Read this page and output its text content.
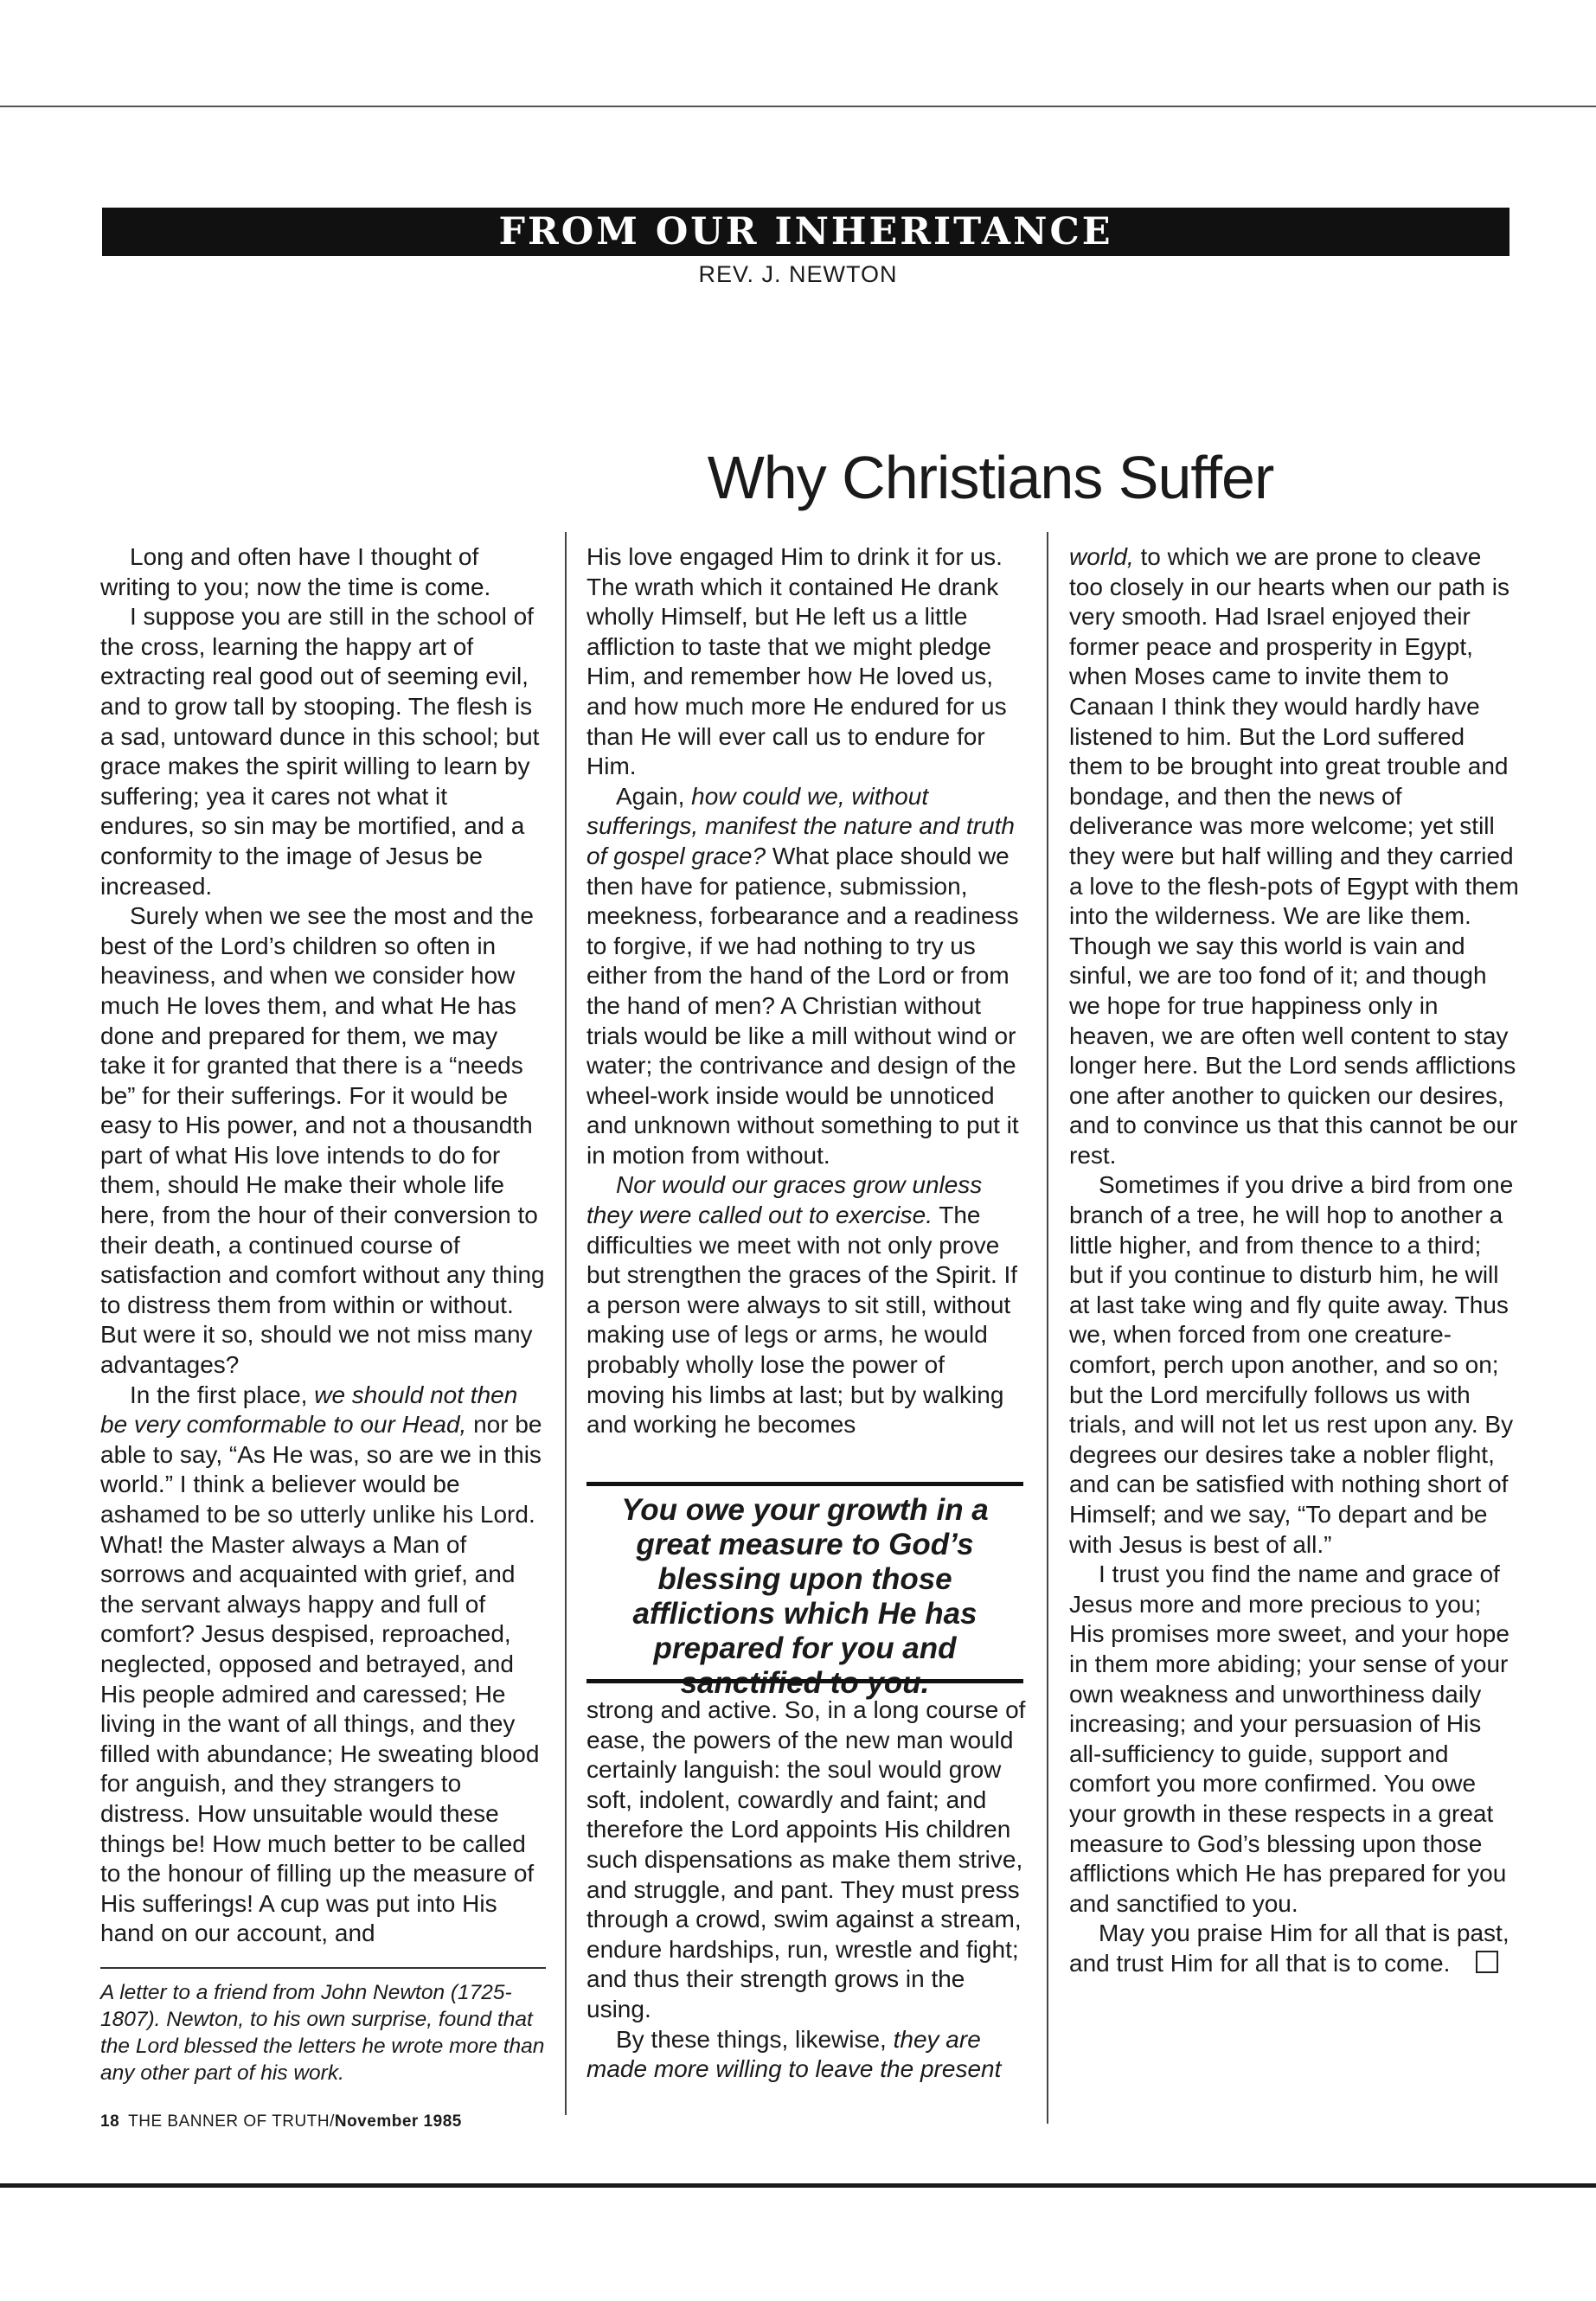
FROM OUR INHERITANCE
REV. J. NEWTON
Why Christians Suffer

Long and often have I thought of writing to you; now the time is come.

I suppose you are still in the school of the cross, learning the happy art of extracting real good out of seeming evil, and to grow tall by stooping. The flesh is a sad, untoward dunce in this school; but grace makes the spirit willing to learn by suffering; yea it cares not what it endures, so sin may be mortified, and a conformity to the image of Jesus be increased.

Surely when we see the most and the best of the Lord’s children so often in heaviness, and when we consider how much He loves them, and what He has done and prepared for them, we may take it for granted that there is a “needs be” for their sufferings. For it would be easy to His power, and not a thousandth part of what His love intends to do for them, should He make their whole life here, from the hour of their conversion to their death, a continued course of satisfaction and comfort without any thing to distress them from within or without. But were it so, should we not miss many advantages?

In the first place, we should not then be very comformable to our Head, nor be able to say, “As He was, so are we in this world.” I think a believer would be ashamed to be so utterly unlike his Lord. What! the Master always a Man of sorrows and acquainted with grief, and the servant always happy and full of comfort? Jesus despised, reproached, neglected, opposed and betrayed, and His people admired and caressed; He living in the want of all things, and they filled with abundance; He sweating blood for anguish, and they strangers to distress. How unsuitable would these things be! How much better to be called to the honour of filling up the measure of His sufferings! A cup was put into His hand on our account, and

A letter to a friend from John Newton (1725-1807). Newton, to his own surprise, found that the Lord blessed the letters he wrote more than any other part of his work.

His love engaged Him to drink it for us. The wrath which it contained He drank wholly Himself, but He left us a little affliction to taste that we might pledge Him, and remember how He loved us, and how much more He endured for us than He will ever call us to endure for Him.

Again, how could we, without sufferings, manifest the nature and truth of gospel grace? What place should we then have for patience, submission, meekness, forbearance and a readiness to forgive, if we had nothing to try us either from the hand of the Lord or from the hand of men? A Christian without trials would be like a mill without wind or water; the contrivance and design of the wheel-work inside would be unnoticed and unknown without something to put it in motion from without.

Nor would our graces grow unless they were called out to exercise. The difficulties we meet with not only prove but strengthen the graces of the Spirit. If a person were always to sit still, without making use of legs or arms, he would probably wholly lose the power of moving his limbs at last; but by walking and working he becomes

You owe your growth in a great measure to God’s blessing upon those afflictions which He has prepared for you and

strong and active. So, in a long course of ease, the powers of the new man would certainly languish: the soul would grow soft, indolent, cowardly and faint; and therefore the Lord appoints His children such dispensations as make them strive, and struggle, and pant. They must press through a crowd, swim against a stream, endure hardships, run, wrestle and fight; and thus their strength grows in the using.

By these things, likewise, they are made more willing to leave the present

world, to which we are prone to cleave too closely in our hearts when our path is very smooth. Had Israel enjoyed their former peace and prosperity in Egypt, when Moses came to invite them to Canaan I think they would hardly have listened to him. But the Lord suffered them to be brought into great trouble and bondage, and then the news of deliverance was more welcome; yet still they were but half willing and they carried a love to the flesh-pots of Egypt with them into the wilderness. We are like them. Though we say this world is vain and sinful, we are too fond of it; and though we hope for true happiness only in heaven, we are often well content to stay longer here. But the Lord sends afflictions one after another to quicken our desires, and to convince us that this cannot be our rest.

Sometimes if you drive a bird from one branch of a tree, he will hop to another a little higher, and from thence to a third; but if you continue to disturb him, he will at last take wing and fly quite away. Thus we, when forced from one creature-comfort, perch upon another, and so on; but the Lord mercifully follows us with trials, and will not let us rest upon any. By degrees our desires take a nobler flight, and can be satisfied with nothing short of Himself; and we say, “To depart and be with Jesus is best of all.”

I trust you find the name and grace of Jesus more and more precious to you; His promises more sweet, and your hope in them more abiding; your sense of your own weakness and unworthiness daily increasing; and your persuasion of His all-sufficiency to guide, support and comfort you more confirmed. You owe your growth in these respects in a great measure to God’s blessing upon those afflictions which He has prepared for you and sanctified to you.

May you praise Him for all that is past, and trust Him for all that is to come.

18 THE BANNER OF TRUTH/November 1985
